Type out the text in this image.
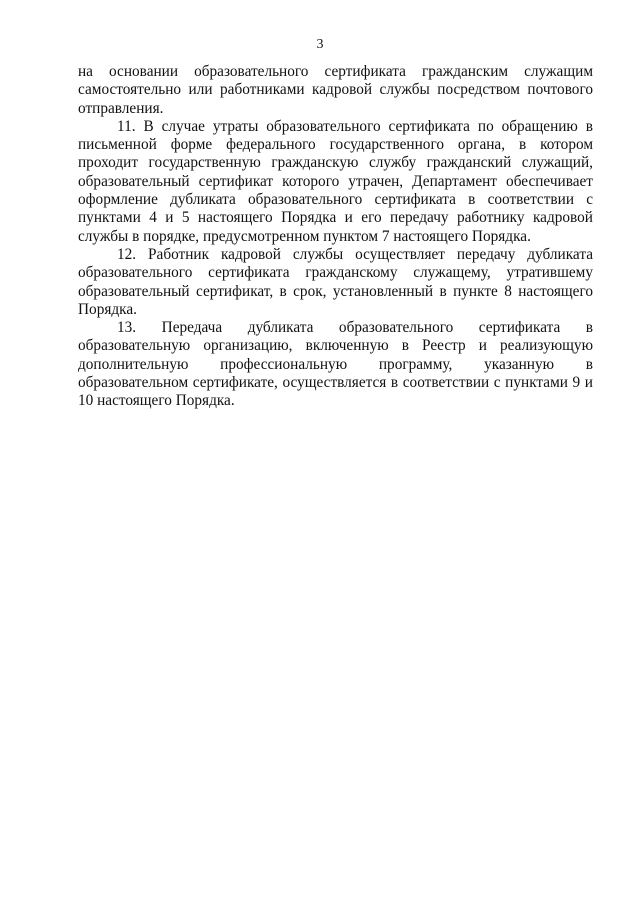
3

на основании образовательного сертификата гражданским служащим самостоятельно или работниками кадровой службы посредством почтового отправления.

11. В случае утраты образовательного сертификата по обращению в письменной форме федерального государственного органа, в котором проходит государственную гражданскую службу гражданский служащий, образовательный сертификат которого утрачен, Департамент обеспечивает оформление дубликата образовательного сертификата в соответствии с пунктами 4 и 5 настоящего Порядка и его передачу работнику кадровой службы в порядке, предусмотренном пунктом 7 настоящего Порядка.

12. Работник кадровой службы осуществляет передачу дубликата образовательного сертификата гражданскому служащему, утратившему образовательный сертификат, в срок, установленный в пункте 8 настоящего Порядка.

13. Передача дубликата образовательного сертификата в образовательную организацию, включенную в Реестр и реализующую дополнительную профессиональную программу, указанную в образовательном сертификате, осуществляется в соответствии с пунктами 9 и 10 настоящего Порядка.
